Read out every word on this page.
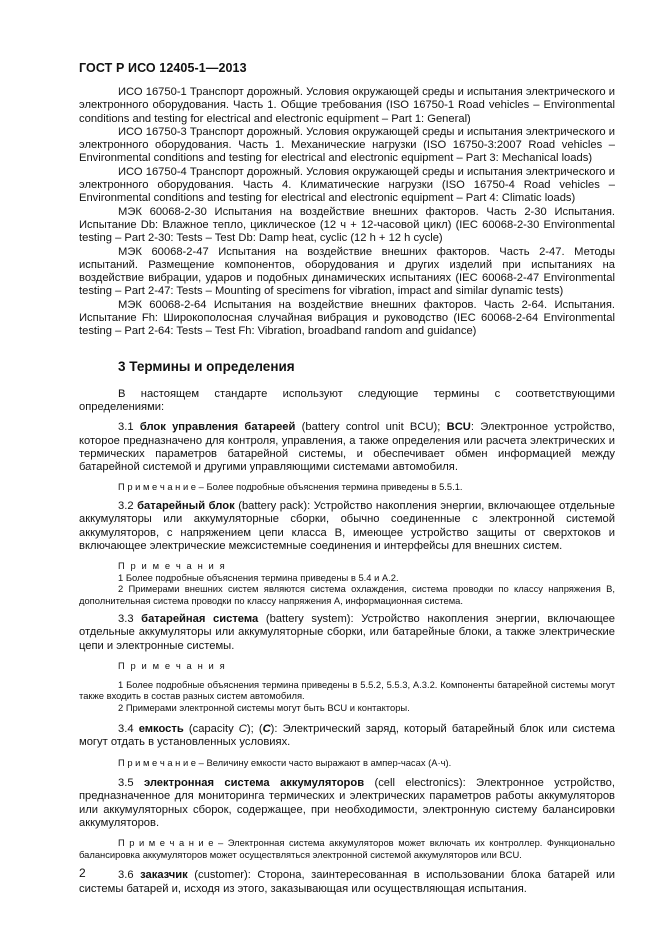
ГОСТ Р ИСО 12405-1—2013

ИСО 16750-1 Транспорт дорожный. Условия окружающей среды и испытания электрического и электронного оборудования. Часть 1. Общие требования (ISO 16750-1 Road vehicles – Environmental conditions and testing for electrical and electronic equipment – Part 1: General)

ИСО 16750-3 Транспорт дорожный. Условия окружающей среды и испытания электрического и электронного оборудования. Часть 1. Механические нагрузки (ISO 16750-3:2007 Road vehicles – Environmental conditions and testing for electrical and electronic equipment – Part 3: Mechanical loads)

ИСО 16750-4 Транспорт дорожный. Условия окружающей среды и испытания электрического и электронного оборудования. Часть 4. Климатические нагрузки (ISO 16750-4 Road vehicles – Environmental conditions and testing for electrical and electronic equipment – Part 4: Climatic loads)

МЭК 60068-2-30 Испытания на воздействие внешних факторов. Часть 2-30 Испытания. Испытание Db: Влажное тепло, циклическое (12 ч + 12-часовой цикл) (IEC 60068-2-30 Environmental testing – Part 2-30: Tests – Test Db: Damp heat, cyclic (12 h + 12 h cycle)

МЭК 60068-2-47 Испытания на воздействие внешних факторов. Часть 2-47. Методы испытаний. Размещение компонентов, оборудования и других изделий при испытаниях на воздействие вибрации, ударов и подобных динамических испытаниях (IEC 60068-2-47 Environmental testing – Part 2-47: Tests – Mounting of specimens for vibration, impact and similar dynamic tests)

МЭК 60068-2-64 Испытания на воздействие внешних факторов. Часть 2-64. Испытания. Испытание Fh: Широкополосная случайная вибрация и руководство (IEC 60068-2-64 Environmental testing – Part 2-64: Tests – Test Fh: Vibration, broadband random and guidance)

3 Термины и определения

В настоящем стандарте используют следующие термины с соответствующими определениями:

3.1 блок управления батареей (battery control unit BCU); BCU: Электронное устройство, которое предназначено для контроля, управления, а также определения или расчета электрических и термических параметров батарейной системы, и обеспечивает обмен информацией между батарейной системой и другими управляющими системами автомобиля.

П р и м е ч а н и е – Более подробные объяснения термина приведены в 5.5.1.

3.2 батарейный блок (battery pack): Устройство накопления энергии, включающее отдельные аккумуляторы или аккумуляторные сборки, обычно соединенные с электронной системой аккумуляторов, с напряжением цепи класса В, имеющее устройство защиты от сверхтоков и включающее электрические межсистемные соединения и интерфейсы для внешних систем.

П р и м е ч а н и я

1 Более подробные объяснения термина приведены в 5.4 и А.2.

2 Примерами внешних систем являются система охлаждения, система проводки по классу напряжения В, дополнительная система проводки по классу напряжения А, информационная система.

3.3 батарейная система (battery system): Устройство накопления энергии, включающее отдельные аккумуляторы или аккумуляторные сборки, или батарейные блоки, а также электрические цепи и электронные системы.

П р и м е ч а н и я

1 Более подробные объяснения термина приведены в 5.5.2, 5.5.3, А.3.2. Компоненты батарейной системы могут также входить в состав разных систем автомобиля.

2 Примерами электронной системы могут быть BCU и контакторы.

3.4 емкость (capacity C); (C): Электрический заряд, который батарейный блок или система могут отдать в установленных условиях.

П р и м е ч а н и е – Величину емкости часто выражают в ампер-часах (А·ч).

3.5 электронная система аккумуляторов (cell electronics): Электронное устройство, предназначенное для мониторинга термических и электрических параметров работы аккумуляторов или аккумуляторных сборок, содержащее, при необходимости, электронную систему балансировки аккумуляторов.

П р и м е ч а н и е – Электронная система аккумуляторов может включать их контроллер. Функционально балансировка аккумуляторов может осуществляться электронной системой аккумуляторов или BCU.

3.6 заказчик (customer): Сторона, заинтересованная в использовании блока батарей или системы батарей и, исходя из этого, заказывающая или осуществляющая испытания.

2
